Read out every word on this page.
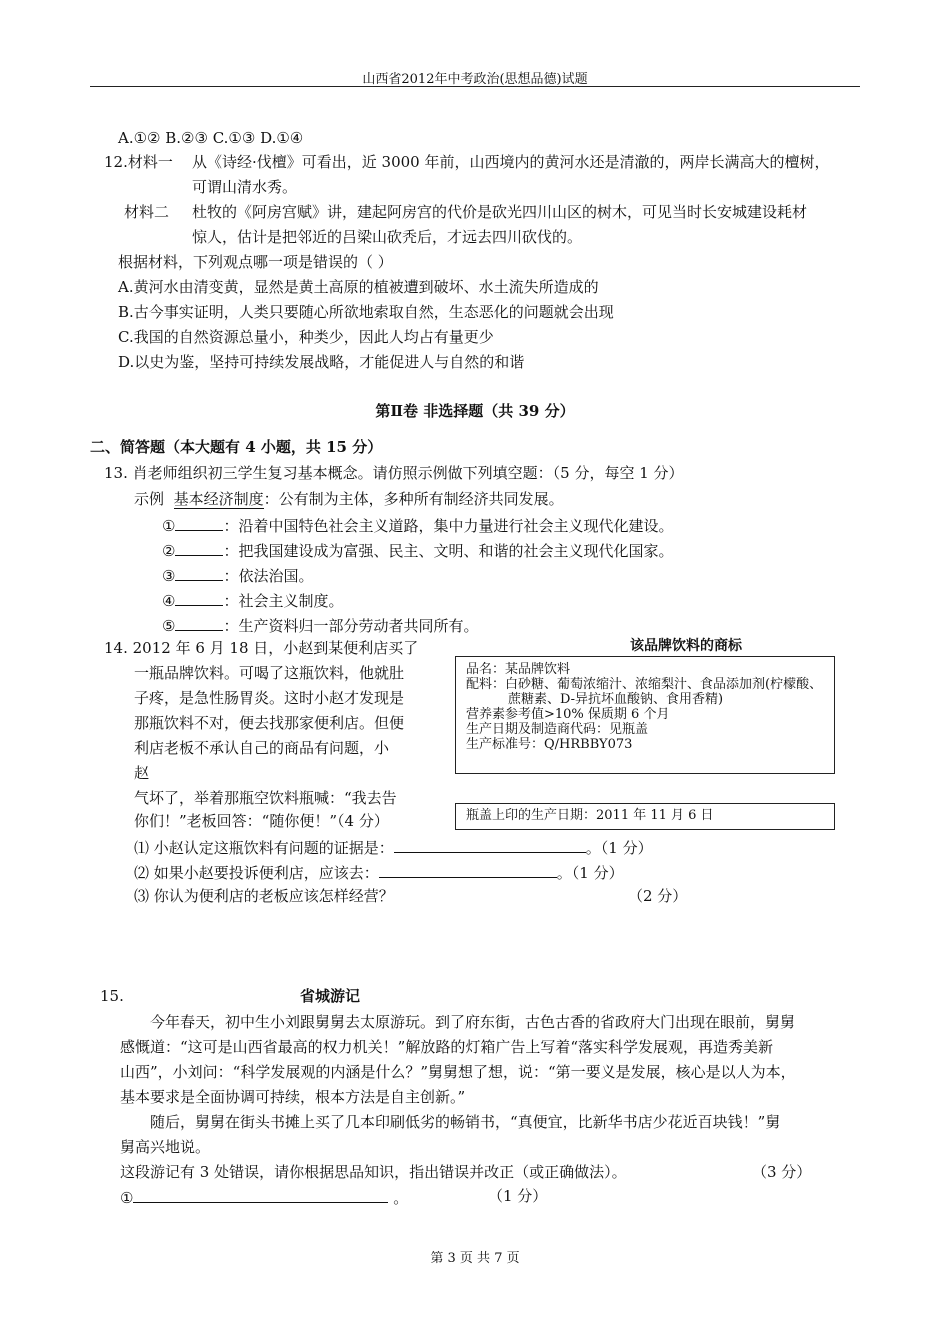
山西省2012年中考政治(思想品德)试题
A.①② B.②③ C.①③ D.①④
12.材料一 从《诗经·伐檀》可看出，近 3000 年前，山西境内的黄河水还是清澈的，两岸长满高大的檀树，
可谓山清水秀。
材料二 杜牧的《阿房宫赋》讲，建起阿房宫的代价是砍光四川山区的树木，可见当时长安城建设耗材
惊人，估计是把邻近的吕梁山砍秃后，才远去四川砍伐的。
根据材料，下列观点哪一项是错误的（ ）
A.黄河水由清变黄，显然是黄土高原的植被遭到破坏、水土流失所造成的
B.古今事实证明，人类只要随心所欲地索取自然，生态恶化的问题就会出现
C.我国的自然资源总量小，种类少，因此人均占有量更少
D.以史为鉴，坚持可持续发展战略，才能促进人与自然的和谐
第Ⅱ卷 非选择题（共 39 分）
二、简答题（本大题有 4 小题，共 15 分）
13. 肖老师组织初三学生复习基本概念。请仿照示例做下列填空题：（5 分，每空 1 分）
示例 基本经济制度：公有制为主体，多种所有制经济共同发展。
①	：沿着中国特色社会主义道路，集中力量进行社会主义现代化建设。
②	：把我国建设成为富强、民主、文明、和谐的社会主义现代化国家。
③	：依法治国。
④	：社会主义制度。
⑤	：生产资料归一部分劳动者共同所有。
14. 2012 年 6 月 18 日，小赵到某便利店买了
一瓶品牌饮料。可喝了这瓶饮料，他就肚
子疼，是急性肠胃炎。这时小赵才发现是
那瓶饮料不对，便去找那家便利店。但便
利店老板不承认自己的商品有问题，小
赵
气坏了，举着那瓶空饮料瓶喊：“我去告
你们！”老板回答：“随你便！”（4 分）
该品牌饮料的商标
品名：某品牌饮料
配料：白砂糖、葡萄浓缩汁、浓缩梨汁、食品添加剂(柠檬酸、
蔗糖素、D-异抗坏血酸钠、食用香精)
营养素参考值>10% 保质期 6 个月
生产日期及制造商代码：见瓶盖
生产标准号：Q/HRBBY073
瓶盖上印的生产日期：2011 年 11 月 6 日
⑴ 小赵认定这瓶饮料有问题的证据是：	。（1 分）
⑵ 如果小赵要投诉便利店，应该去：	。（1 分）
⑶ 你认为便利店的老板应该怎样经营？	（2 分）
15.	省城游记
今年春天，初中生小刘跟舅舅去太原游玩。到了府东街，古色古香的省政府大门出现在眼前，舅舅
感慨道：“这可是山西省最高的权力机关！”解放路的灯箱广告上写着“落实科学发展观，再造秀美新
山西”，小刘问：“科学发展观的内涵是什么？”舅舅想了想，说：“第一要义是发展，核心是以人为本，
基本要求是全面协调可持续，根本方法是自主创新。”
随后，舅舅在街头书摊上买了几本印刷低劣的畅销书，“真便宜，比新华书店少花近百块钱！”舅
舅高兴地说。
这段游记有 3 处错误，请你根据思品知识，指出错误并改正（或正确做法）。	（3 分）
①	。	（1 分）
第 3 页 共 7 页
